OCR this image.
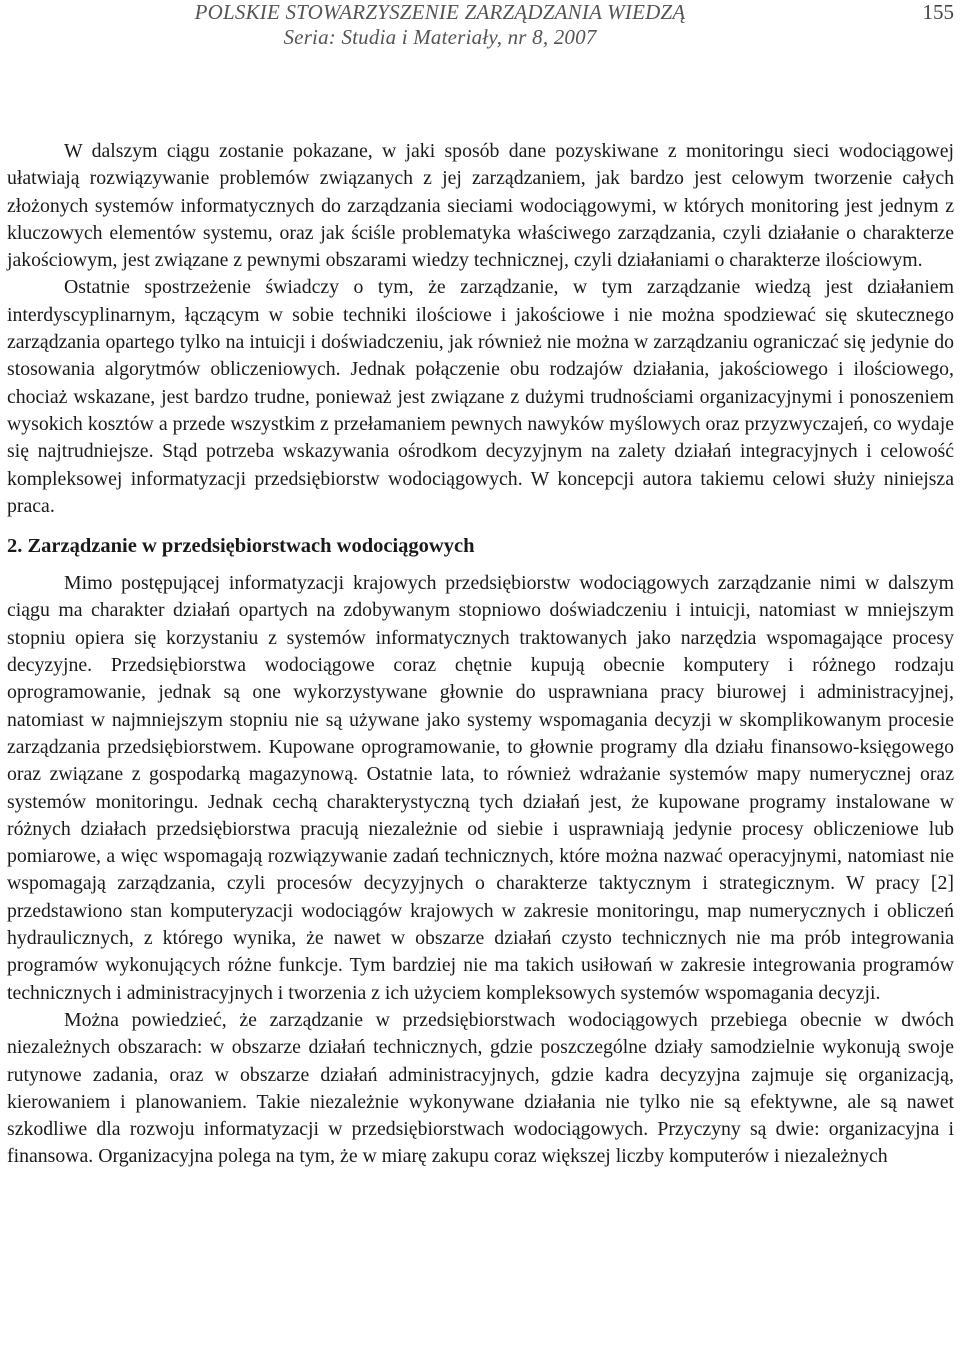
POLSKIE STOWARZYSZENIE ZARZĄDZANIA WIEDZĄ
Seria: Studia i Materiały, nr 8, 2007
155

W dalszym ciągu zostanie pokazane, w jaki sposób dane pozyskiwane z monitoringu sieci wodociągowej ułatwiają rozwiązywanie problemów związanych z jej zarządzaniem, jak bardzo jest celowym tworzenie całych złożonych systemów informatycznych do zarządzania sieciami wodociągowymi, w których monitoring jest jednym z kluczowych elementów systemu, oraz jak ściśle problematyka właściwego zarządzania, czyli działanie o charakterze jakościowym, jest związane z pewnymi obszarami wiedzy technicznej, czyli działaniami o charakterze ilościowym.

Ostatnie spostrzeżenie świadczy o tym, że zarządzanie, w tym zarządzanie wiedzą jest działaniem interdyscyplinarnym, łączącym w sobie techniki ilościowe i jakościowe i nie można spodziewać się skutecznego zarządzania opartego tylko na intuicji i doświadczeniu, jak również nie można w zarządzaniu ograniczać się jedynie do stosowania algorytmów obliczeniowych. Jednak połączenie obu rodzajów działania, jakościowego i ilościowego, chociaż wskazane, jest bardzo trudne, ponieważ jest związane z dużymi trudnościami organizacyjnymi i ponoszeniem wysokich kosztów a przede wszystkim z przełamaniem pewnych nawyków myślowych oraz przyzwyczajeń, co wydaje się najtrudniejsze. Stąd potrzeba wskazywania ośrodkom decyzyjnym na zalety działań integracyjnych i celowość kompleksowej informatyzacji przedsiębiorstw wodociągowych. W koncepcji autora takiemu celowi służy niniejsza praca.

2. Zarządzanie w przedsiębiorstwach wodociągowych

Mimo postępującej informatyzacji krajowych przedsiębiorstw wodociągowych zarządzanie nimi w dalszym ciągu ma charakter działań opartych na zdobywanym stopniowo doświadczeniu i intuicji, natomiast w mniejszym stopniu opiera się korzystaniu z systemów informatycznych traktowanych jako narzędzia wspomagające procesy decyzyjne. Przedsiębiorstwa wodociągowe coraz chętnie kupują obecnie komputery i różnego rodzaju oprogramowanie, jednak są one wykorzystywane głownie do usprawniana pracy biurowej i administracyjnej, natomiast w najmniejszym stopniu nie są używane jako systemy wspomagania decyzji w skomplikowanym procesie zarządzania przedsiębiorstwem. Kupowane oprogramowanie, to głownie programy dla działu finansowo-księgowego oraz związane z gospodarką magazynową. Ostatnie lata, to również wdrażanie systemów mapy numerycznej oraz systemów monitoringu. Jednak cechą charakterystyczną tych działań jest, że kupowane programy instalowane w różnych działach przedsiębiorstwa pracują niezależnie od siebie i usprawniają jedynie procesy obliczeniowe lub pomiarowe, a więc wspomagają rozwiązywanie zadań technicznych, które można nazwać operacyjnymi, natomiast nie wspomagają zarządzania, czyli procesów decyzyjnych o charakterze taktycznym i strategicznym. W pracy [2] przedstawiono stan komputeryzacji wodociągów krajowych w zakresie monitoringu, map numerycznych i obliczeń hydraulicznych, z którego wynika, że nawet w obszarze działań czysto technicznych nie ma prób integrowania programów wykonujących różne funkcje. Tym bardziej nie ma takich usiłowań w zakresie integrowania programów technicznych i administracyjnych i tworzenia z ich użyciem kompleksowych systemów wspomagania decyzji.

Można powiedzieć, że zarządzanie w przedsiębiorstwach wodociągowych przebiega obecnie w dwóch niezależnych obszarach: w obszarze działań technicznych, gdzie poszczególne działy samodzielnie wykonują swoje rutynowe zadania, oraz w obszarze działań administracyjnych, gdzie kadra decyzyjna zajmuje się organizacją, kierowaniem i planowaniem. Takie niezależnie wykonywane działania nie tylko nie są efektywne, ale są nawet szkodliwe dla rozwoju informatyzacji w przedsiębiorstwach wodociągowych. Przyczyny są dwie: organizacyjna i finansowa. Organizacyjna polega na tym, że w miarę zakupu coraz większej liczby komputerów i niezależnych
